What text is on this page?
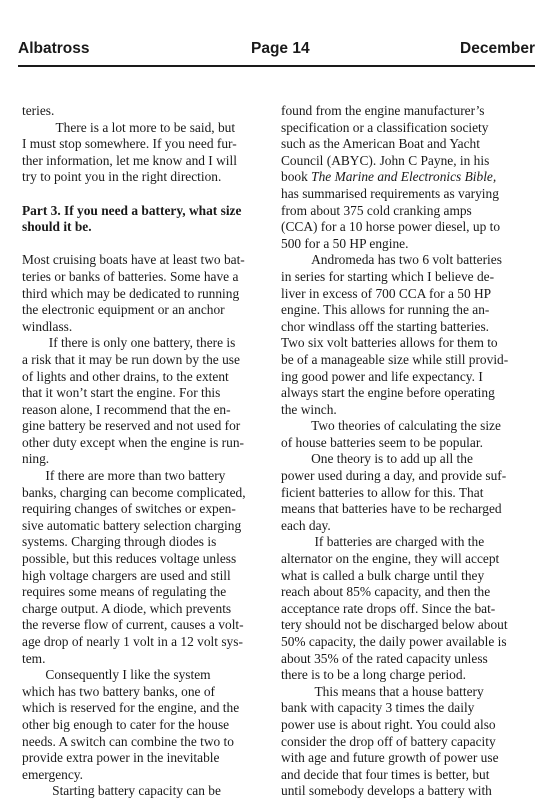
Albatross	Page 14	December
teries.
There is a lot more to be said, but
I must stop somewhere. If you need fur-
ther information, let me know and I will
try to point you in the right direction.
Part 3. If you need a battery, what size
should it be.
Most cruising boats have at least two bat-
teries or banks of batteries. Some have a
third which may be dedicated to running
the electronic equipment or an anchor
windlass.
If there is only one battery, there is
a risk that it may be run down by the use
of lights and other drains, to the extent
that it won’t start the engine. For this
reason alone, I recommend that the en-
gine battery be reserved and not used for
other duty except when the engine is run-
ning.
If there are more than two battery
banks, charging can become complicated,
requiring changes of switches or expen-
sive automatic battery selection charging
systems. Charging through diodes is
possible, but this reduces voltage unless
high voltage chargers are used and still
requires some means of regulating the
charge output. A diode, which prevents
the reverse flow of current, causes a volt-
age drop of nearly 1 volt in a 12 volt sys-
tem.
Consequently I like the system
which has two battery banks, one of
which is reserved for the engine, and the
other big enough to cater for the house
needs. A switch can combine the two to
provide extra power in the inevitable
emergency.
Starting battery capacity can be
found from the engine manufacturer’s
specification or a classification society
such as the American Boat and Yacht
Council (ABYC). John C Payne, in his
book The Marine and Electronics Bible,
has summarised requirements as varying
from about 375 cold cranking amps
(CCA) for a 10 horse power diesel, up to
500 for a 50 HP engine.
Andromeda has two 6 volt batteries
in series for starting which I believe de-
liver in excess of 700 CCA for a 50 HP
engine. This allows for running the an-
chor windlass off the starting batteries.
Two six volt batteries allows for them to
be of a manageable size while still provid-
ing good power and life expectancy. I
always start the engine before operating
the winch.
Two theories of calculating the size
of house batteries seem to be popular.
One theory is to add up all the
power used during a day, and provide suf-
ficient batteries to allow for this. That
means that batteries have to be recharged
each day.
If batteries are charged with the
alternator on the engine, they will accept
what is called a bulk charge until they
reach about 85% capacity, and then the
acceptance rate drops off. Since the bat-
tery should not be discharged below about
50% capacity, the daily power available is
about 35% of the rated capacity unless
there is to be a long charge period.
This means that a house battery
bank with capacity 3 times the daily
power use is about right. You could also
consider the drop off of battery capacity
with age and future growth of power use
and decide that four times is better, but
until somebody develops a battery with
